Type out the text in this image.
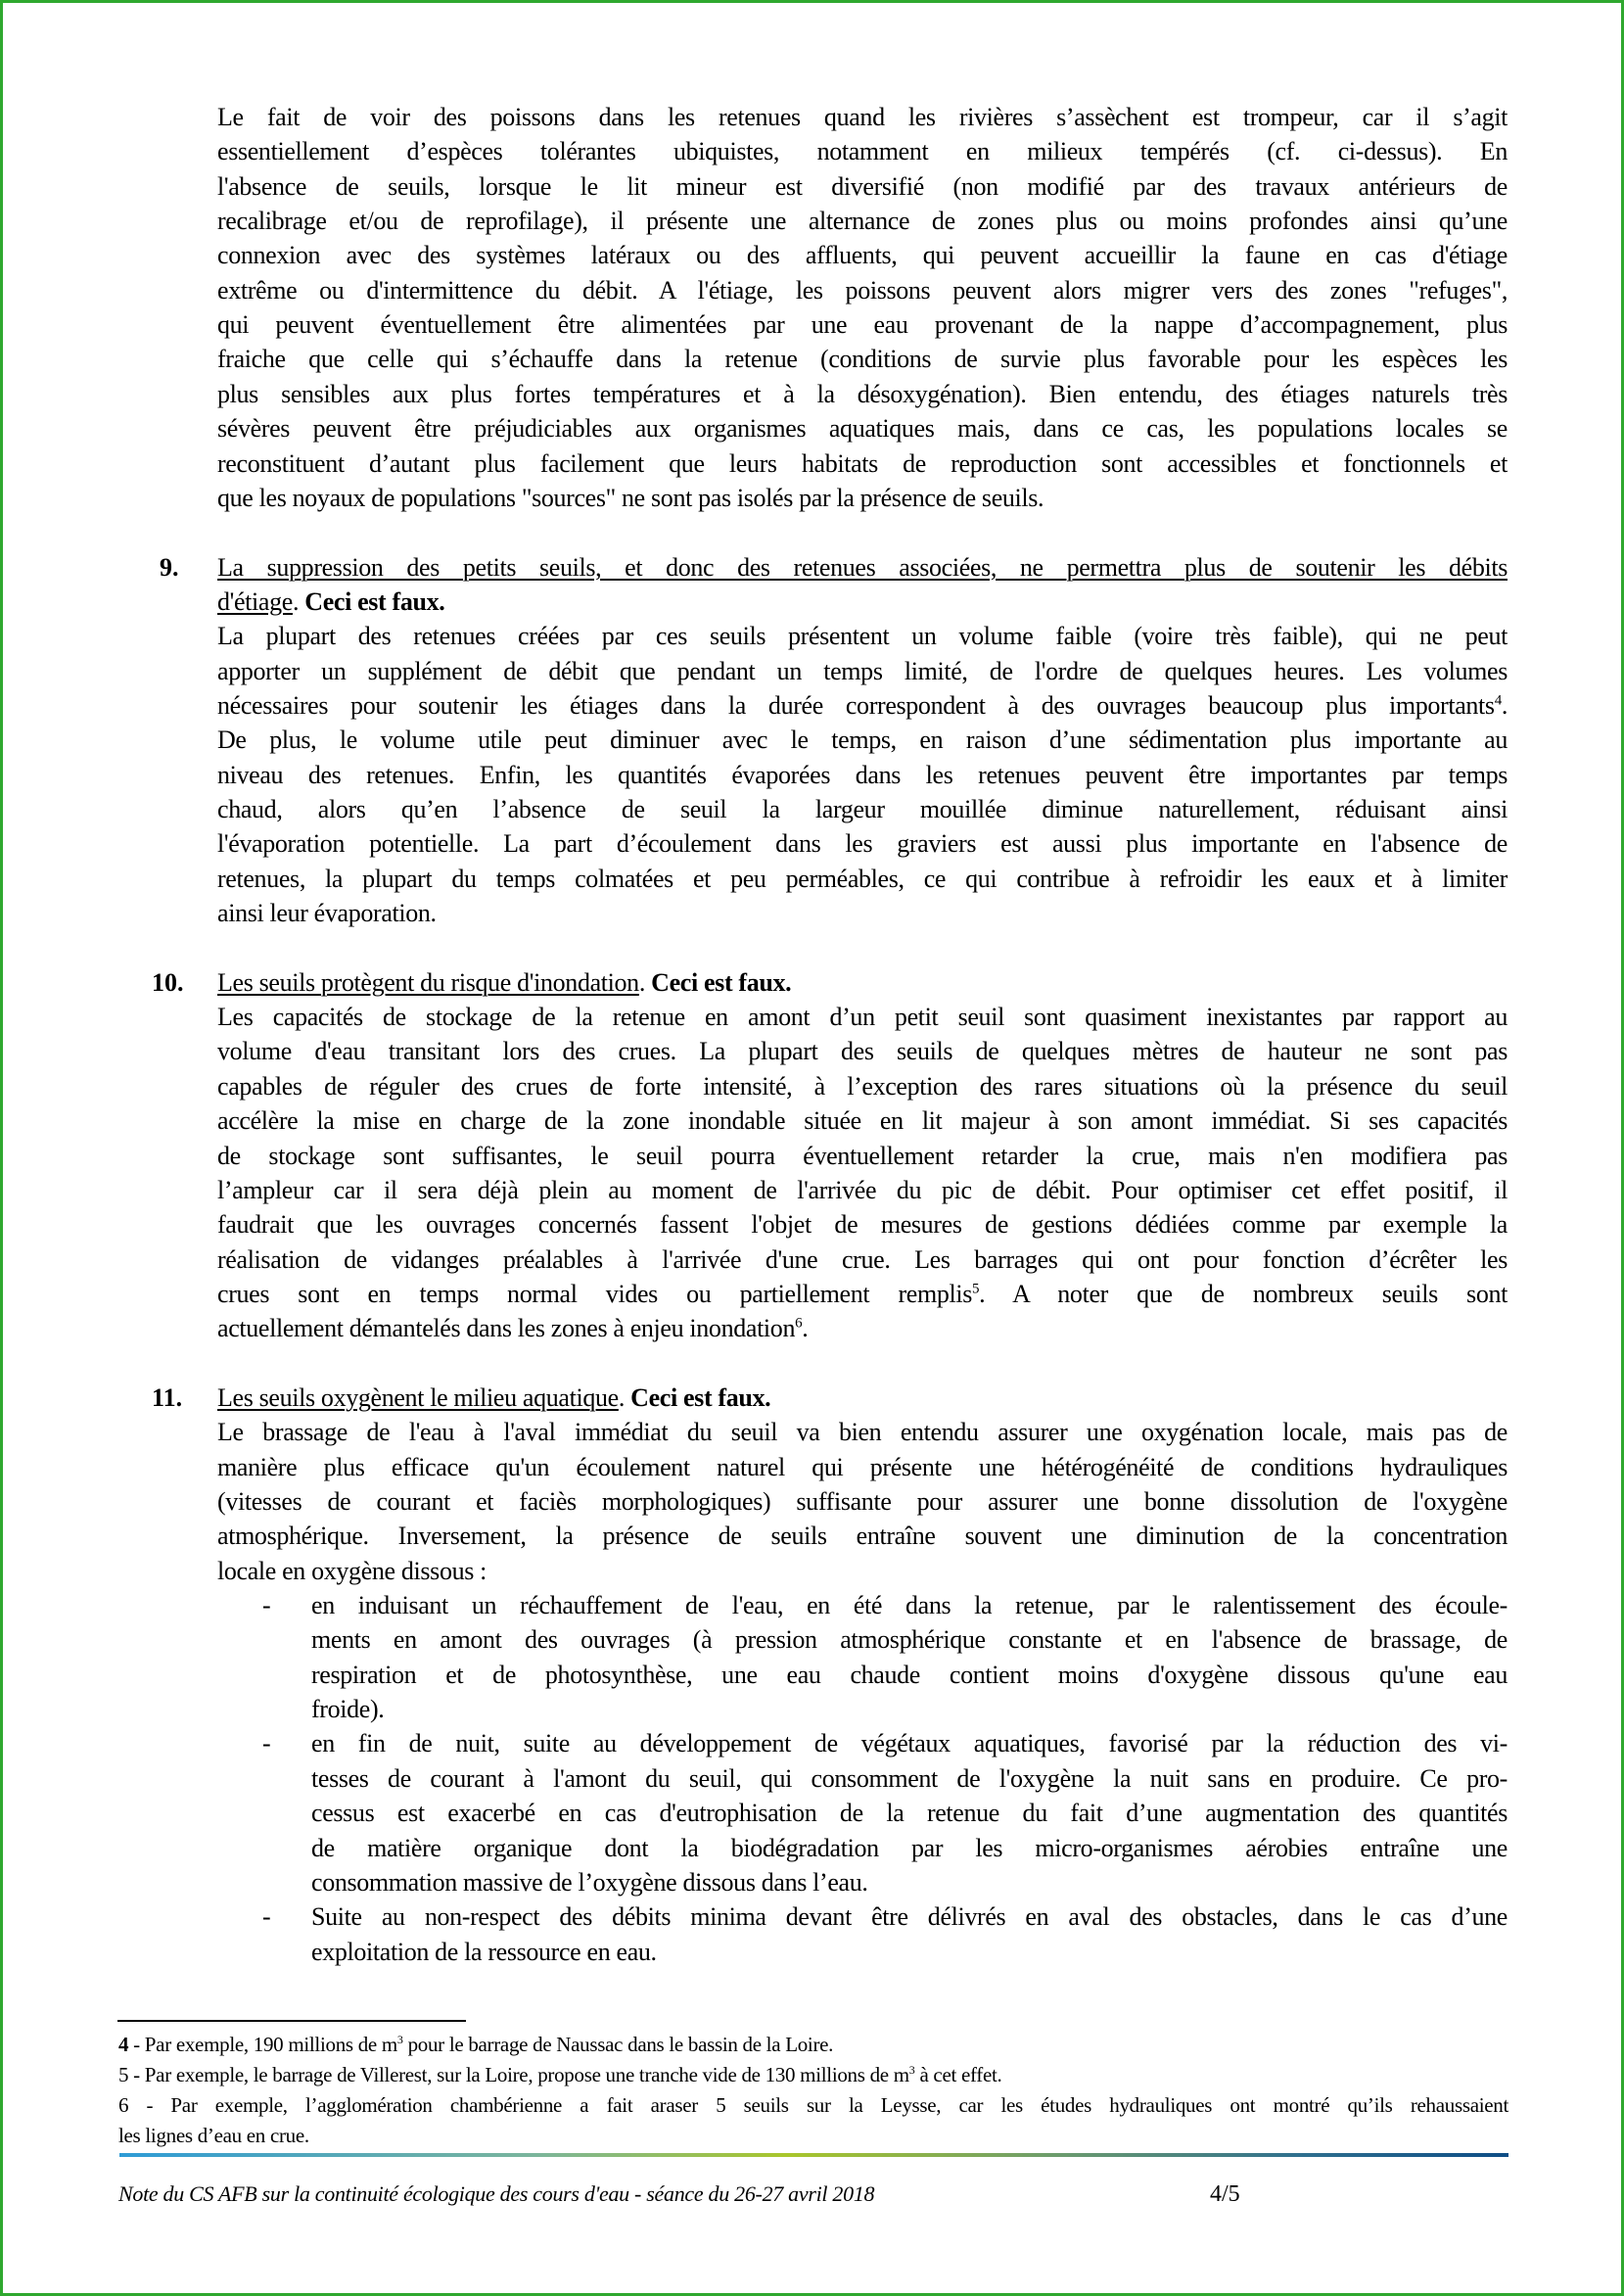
Le fait de voir des poissons dans les retenues quand les rivières s’assèchent est trompeur, car il s’agit
essentiellement d’espèces tolérantes ubiquistes, notamment en milieux tempérés (cf. ci-dessus). En
l'absence de seuils, lorsque le lit mineur est diversifié (non modifié par des travaux antérieurs de
recalibrage et/ou de reprofilage), il présente une alternance de zones plus ou moins profondes ainsi qu’une
connexion avec des systèmes latéraux ou des affluents, qui peuvent accueillir la faune en cas d'étiage
extrême ou d'intermittence du débit. A l'étiage, les poissons peuvent alors migrer vers des zones "refuges",
qui peuvent éventuellement être alimentées par une eau provenant de la nappe d’accompagnement, plus
fraiche que celle qui s’échauffe dans la retenue (conditions de survie plus favorable pour les espèces les
plus sensibles aux plus fortes températures et à la désoxygénation). Bien entendu, des étiages naturels très
sévères peuvent être préjudiciables aux organismes aquatiques mais, dans ce cas, les populations locales se
reconstituent d’autant plus facilement que leurs habitats de reproduction sont accessibles et fonctionnels et
que les noyaux de populations "sources" ne sont pas isolés par la présence de seuils.
9. La suppression des petits seuils, et donc des retenues associées, ne permettra plus de soutenir les débits
d'étiage. Ceci est faux.
La plupart des retenues créées par ces seuils présentent un volume faible (voire très faible), qui ne peut
apporter un supplément de débit que pendant un temps limité, de l'ordre de quelques heures. Les volumes
nécessaires pour soutenir les étiages dans la durée correspondent à des ouvrages beaucoup plus importants$^4$.
De plus, le volume utile peut diminuer avec le temps, en raison d’une sédimentation plus importante au
niveau des retenues. Enfin, les quantités évaporées dans les retenues peuvent être importantes par temps
chaud, alors qu’en l’absence de seuil la largeur mouillée diminue naturellement, réduisant ainsi
l'évaporation potentielle. La part d’écoulement dans les graviers est aussi plus importante en l'absence de
retenues, la plupart du temps colmatées et peu perméables, ce qui contribue à refroidir les eaux et à limiter
ainsi leur évaporation.
10. Les seuils protègent du risque d'inondation. Ceci est faux.
Les capacités de stockage de la retenue en amont d’un petit seuil sont quasiment inexistantes par rapport au
volume d'eau transitant lors des crues. La plupart des seuils de quelques mètres de hauteur ne sont pas
capables de réguler des crues de forte intensité, à l’exception des rares situations où la présence du seuil
accélère la mise en charge de la zone inondable située en lit majeur à son amont immédiat. Si ses capacités
de stockage sont suffisantes, le seuil pourra éventuellement retarder la crue, mais n'en modifiera pas
l’ampleur car il sera déjà plein au moment de l'arrivée du pic de débit. Pour optimiser cet effet positif, il
faudrait que les ouvrages concernés fassent l'objet de mesures de gestions dédiées comme par exemple la
réalisation de vidanges préalables à l'arrivée d'une crue. Les barrages qui ont pour fonction d’écrêter les
crues sont en temps normal vides ou partiellement remplis$^5$. A noter que de nombreux seuils sont
actuellement démantelés dans les zones à enjeu inondation$^6$.
11. Les seuils oxygènent le milieu aquatique. Ceci est faux.
Le brassage de l'eau à l'aval immédiat du seuil va bien entendu assurer une oxygénation locale, mais pas de
manière plus efficace qu'un écoulement naturel qui présente une hétérogénéité de conditions hydrauliques
(vitesses de courant et faciès morphologiques) suffisante pour assurer une bonne dissolution de l'oxygène
atmosphérique. Inversement, la présence de seuils entraîne souvent une diminution de la concentration
locale en oxygène dissous :
- en induisant un réchauffement de l'eau, en été dans la retenue, par le ralentissement des écoule-
ments en amont des ouvrages (à pression atmosphérique constante et en l'absence de brassage, de
respiration et de photosynthèse, une eau chaude contient moins d'oxygène dissous qu'une eau
froide).
- en fin de nuit, suite au développement de végétaux aquatiques, favorisé par la réduction des vi-
tesses de courant à l'amont du seuil, qui consomment de l'oxygène la nuit sans en produire. Ce pro-
cessus est exacerbé en cas d'eutrophisation de la retenue du fait d’une augmentation des quantités
de matière organique dont la biodégradation par les micro-organismes aérobies entraîne une
consommation massive de l’oxygène dissous dans l’eau.
- Suite au non-respect des débits minima devant être délivrés en aval des obstacles, dans le cas d’une
exploitation de la ressource en eau.
4 - Par exemple, 190 millions de $m^3$ pour le barrage de Naussac dans le bassin de la Loire.
5 - Par exemple, le barrage de Villerest, sur la Loire, propose une tranche vide de 130 millions de $m^3$ à cet effet.
6 - Par exemple, l’agglomération chambérienne a fait araser 5 seuils sur la Leysse, car les études hydrauliques ont montré qu’ils rehaussaient
les lignes d’eau en crue.
Note du CS AFB sur la continuité écologique des cours d'eau - séance du 26-27 avril 2018	4/5
